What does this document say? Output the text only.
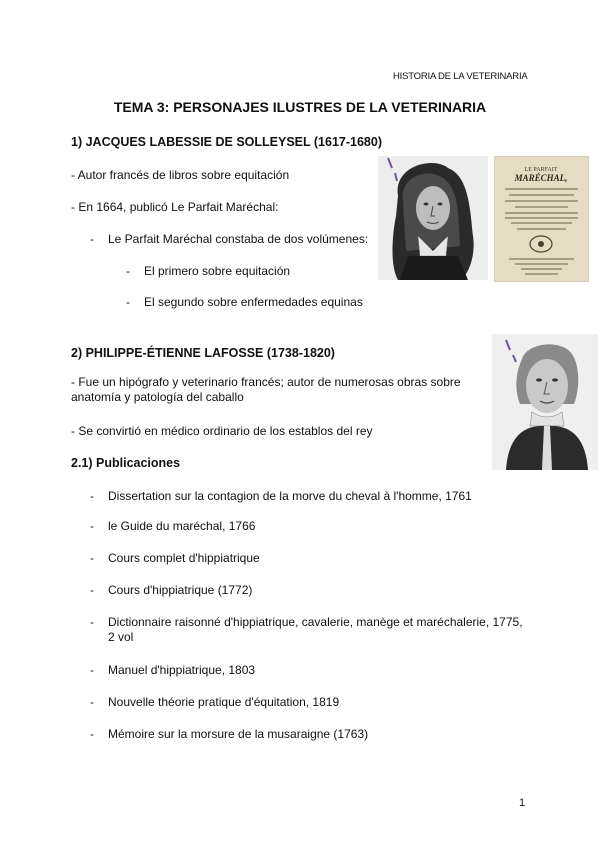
HISTORIA DE LA VETERINARIA
TEMA 3: PERSONAJES ILUSTRES DE LA VETERINARIA
1) JACQUES LABESSIE DE SOLLEYSEL (1617-1680)
- Autor francés de libros sobre equitación
- En 1664, publicó Le Parfait Maréchal:
- Le Parfait Maréchal constaba de dos volúmenes:
- El primero sobre equitación
- El segundo sobre enfermedades equinas
LE PARFAIT
MARÉCHAL,
2) PHILIPPE-ÉTIENNE LAFOSSE (1738-1820)
- Fue un hipógrafo y veterinario francés; autor de numerosas obras sobre
anatomía y patología del caballo
- Se convirtió en médico ordinario de los establos del rey
2.1) Publicaciones
- Dissertation sur la contagion de la morve du cheval à l'homme, 1761
- le Guide du maréchal, 1766
- Cours complet d'hippiatrique
- Cours d'hippiatrique (1772)
- Dictionnaire raisonné d'hippiatrique, cavalerie, manège et maréchalerie, 1775,
2 vol
- Manuel d'hippiatrique, 1803
- Nouvelle théorie pratique d'équitation, 1819
- Mémoire sur la morsure de la musaraigne (1763)
1
